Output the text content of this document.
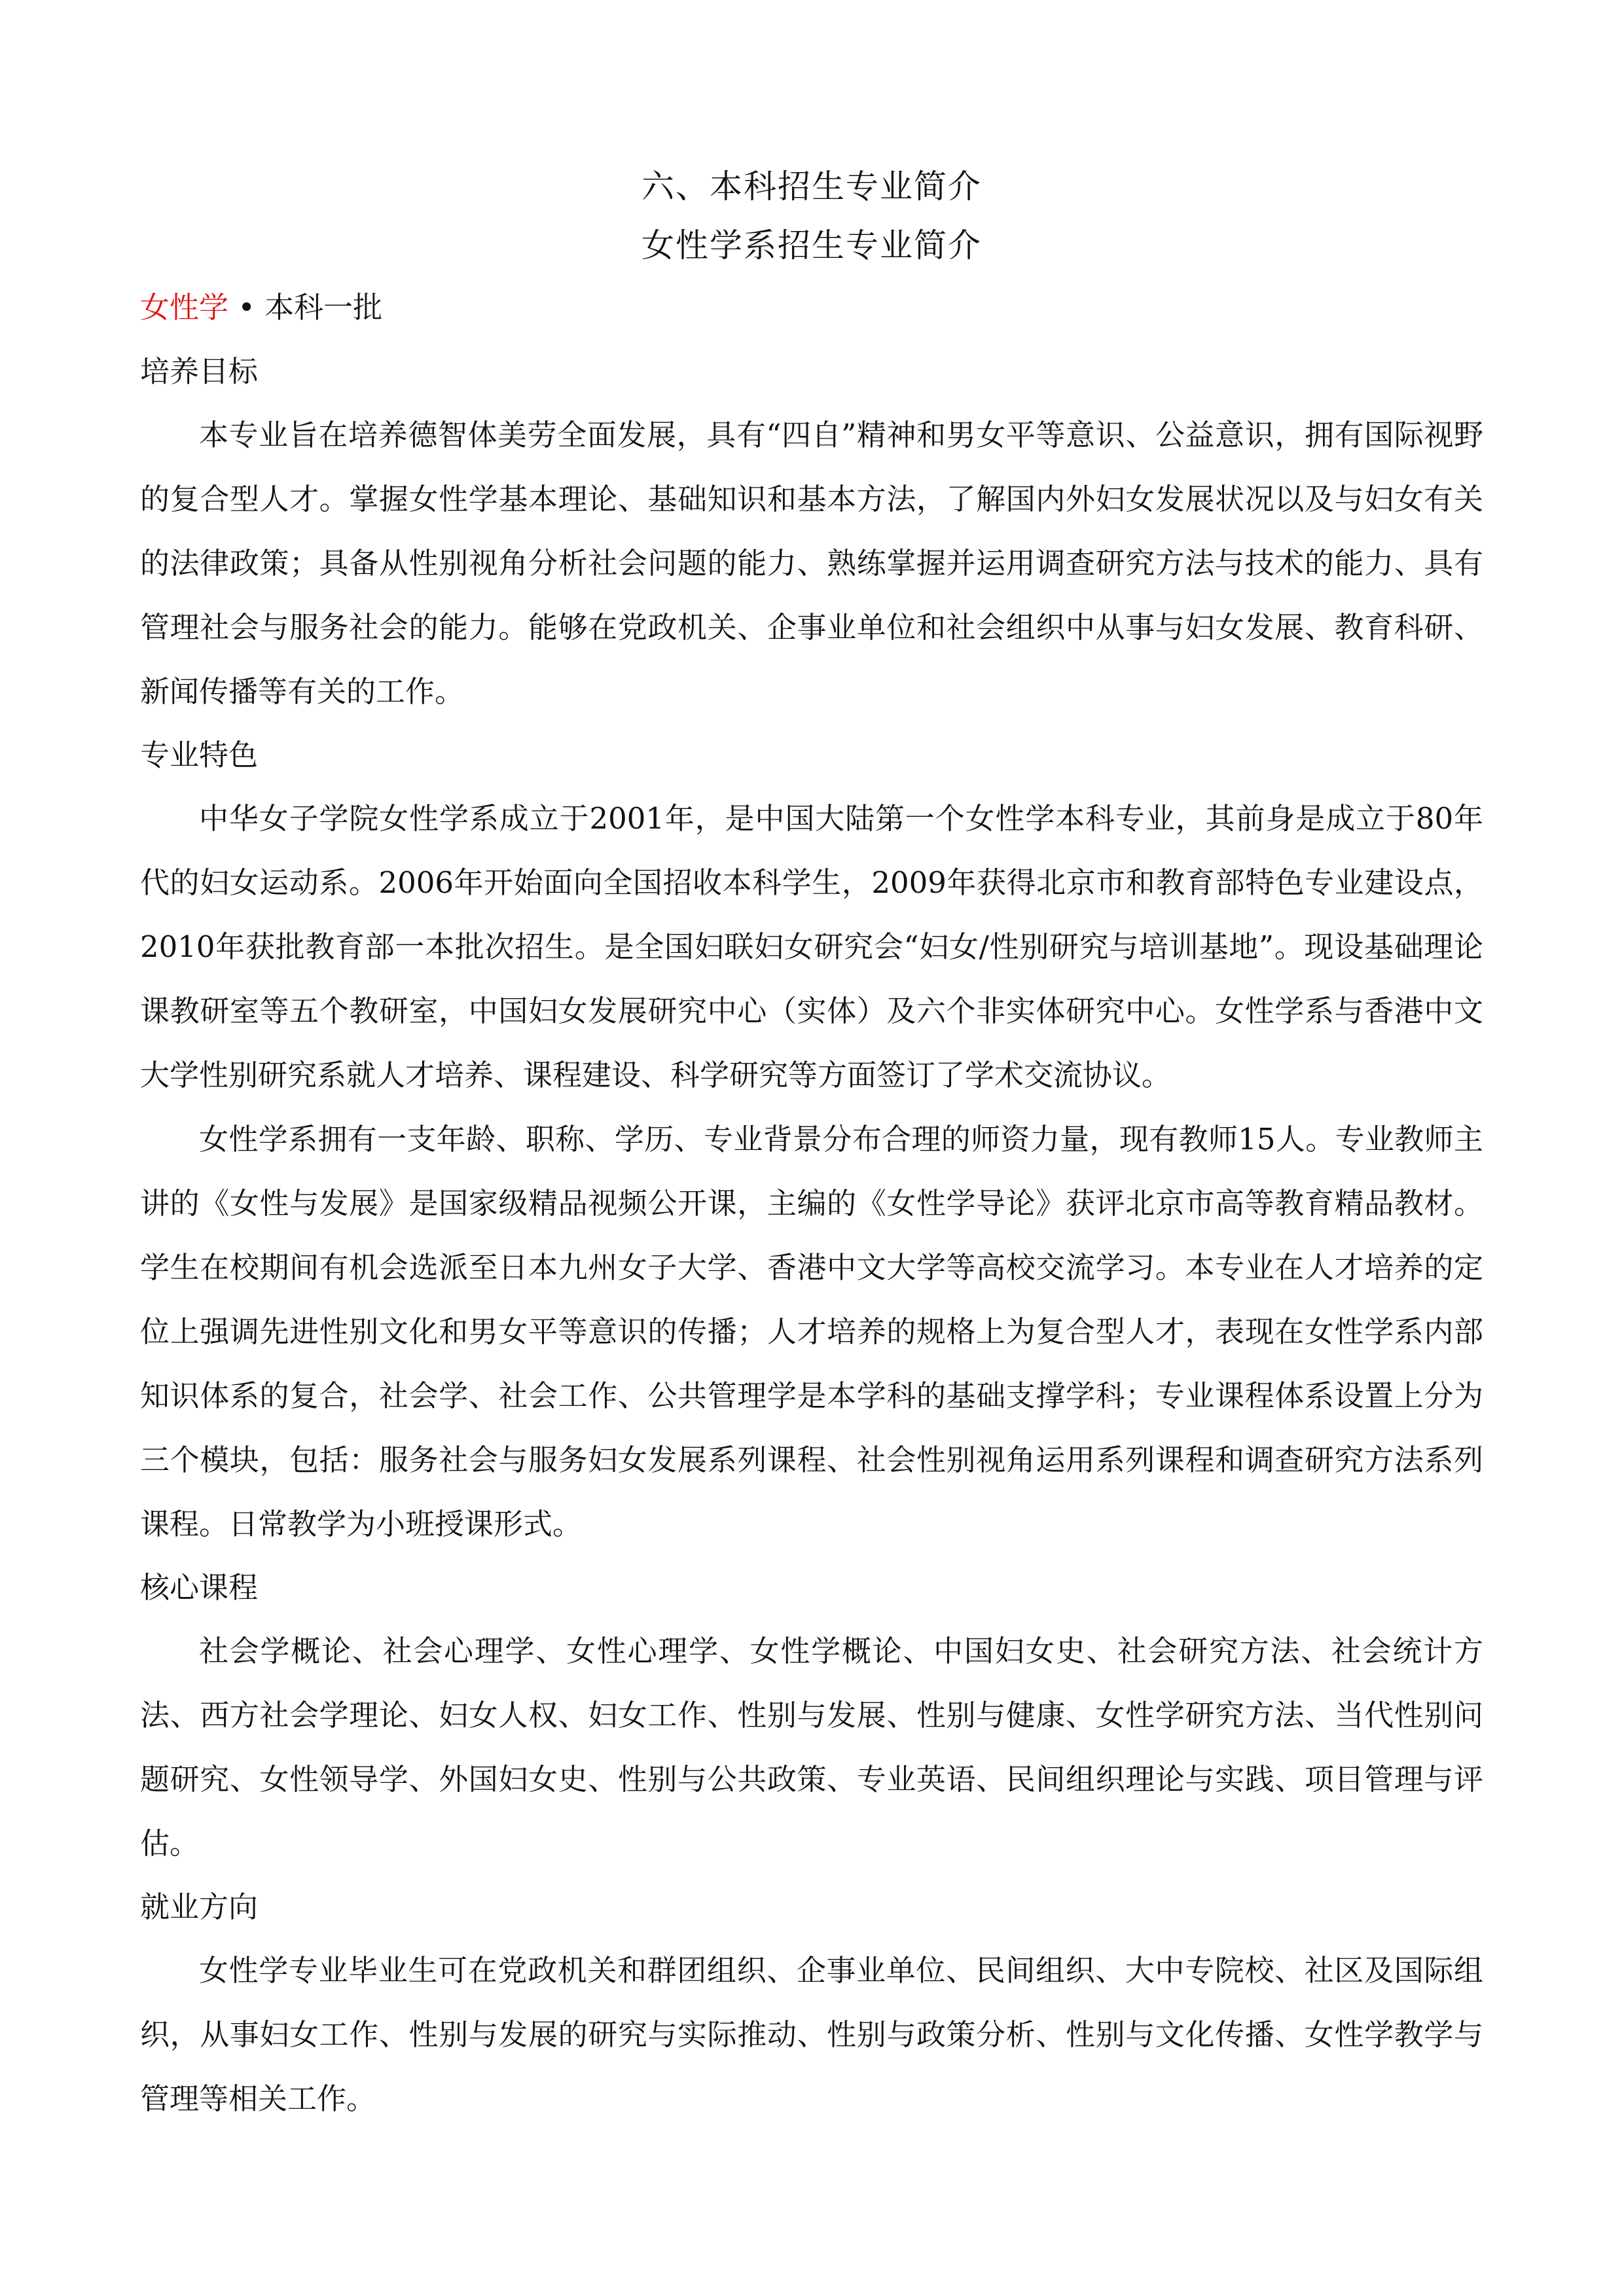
六、本科招生专业简介
女性学系招生专业简介

女性学 • 本科一批

培养目标

本专业旨在培养德智体美劳全面发展，具有“四自”精神和男女平等意识、公益意识，拥有国际视野的复合型人才。掌握女性学基本理论、基础知识和基本方法，了解国内外妇女发展状况以及与妇女有关的法律政策；具备从性别视角分析社会问题的能力、熟练掌握并运用调查研究方法与技术的能力、具有管理社会与服务社会的能力。能够在党政机关、企事业单位和社会组织中从事与妇女发展、教育科研、新闻传播等有关的工作。

专业特色

中华女子学院女性学系成立于2001年，是中国大陆第一个女性学本科专业，其前身是成立于80年代的妇女运动系。2006年开始面向全国招收本科学生，2009年获得北京市和教育部特色专业建设点，2010年获批教育部一本批次招生。是全国妇联妇女研究会“妇女/性别研究与培训基地”。现设基础理论课教研室等五个教研室，中国妇女发展研究中心（实体）及六个非实体研究中心。女性学系与香港中文大学性别研究系就人才培养、课程建设、科学研究等方面签订了学术交流协议。

女性学系拥有一支年龄、职称、学历、专业背景分布合理的师资力量，现有教师15人。专业教师主讲的《女性与发展》是国家级精品视频公开课，主编的《女性学导论》获评北京市高等教育精品教材。学生在校期间有机会选派至日本九州女子大学、香港中文大学等高校交流学习。本专业在人才培养的定位上强调先进性别文化和男女平等意识的传播；人才培养的规格上为复合型人才，表现在女性学系内部知识体系的复合，社会学、社会工作、公共管理学是本学科的基础支撑学科；专业课程体系设置上分为三个模块，包括：服务社会与服务妇女发展系列课程、社会性别视角运用系列课程和调查研究方法系列课程。日常教学为小班授课形式。

核心课程

社会学概论、社会心理学、女性心理学、女性学概论、中国妇女史、社会研究方法、社会统计方法、西方社会学理论、妇女人权、妇女工作、性别与发展、性别与健康、女性学研究方法、当代性别问题研究、女性领导学、外国妇女史、性别与公共政策、专业英语、民间组织理论与实践、项目管理与评估。

就业方向

女性学专业毕业生可在党政机关和群团组织、企事业单位、民间组织、大中专院校、社区及国际组织，从事妇女工作、性别与发展的研究与实际推动、性别与政策分析、性别与文化传播、女性学教学与管理等相关工作。
